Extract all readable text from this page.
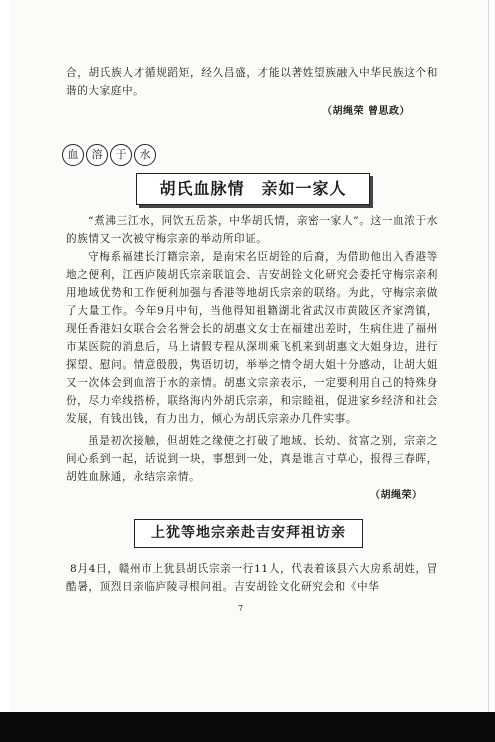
合，胡氏族人才循规蹈矩，经久昌盛，才能以著姓望族融入中华民族这个和谐的大家庭中。

（胡绳荣 曾思政）
血	溶	于	水
胡氏血脉情　亲如一家人

“煮沸三江水，同饮五岳茶，中华胡氏情，亲密一家人”。这一血浓于水的族情又一次被守梅宗亲的举动所印证。

守梅系福建长汀籍宗亲，是南宋名臣胡铨的后裔，为借助他出入香港等地之便利，江西庐陵胡氏宗亲联谊会、吉安胡铨文化研究会委托守梅宗亲利用地域优势和工作便利加强与香港等地胡氏宗亲的联络。为此，守梅宗亲做了大量工作。今年9月中旬，当他得知祖籍湖北省武汉市黄陂区齐家湾镇，现任香港妇女联合会名誉会长的胡惠文女士在福建出差时，生病住进了福州市某医院的消息后，马上请假专程从深圳乘飞机来到胡惠文大姐身边，进行探望、慰问。情意殷殷，隽语切切，举举之情令胡大姐十分感动，让胡大姐又一次体会到血溶于水的亲情。胡惠文宗亲表示，一定要利用自己的特殊身份，尽力牵线搭桥，联络海内外胡氏宗亲，和宗睦祖，促进家乡经济和社会发展，有钱出钱，有力出力，倾心为胡氏宗亲办几件实事。

虽是初次接触，但胡姓之缘使之打破了地域、长幼、贫富之别，宗亲之间心系到一起，话说到一块，事想到一处，真是谁言寸草心，报得三春晖，胡姓血脉通，永结宗亲情。

（胡绳荣）
上犹等地宗亲赴吉安拜祖访亲

8月4日，赣州市上犹县胡氏宗亲一行11人，代表着该县六大房系胡姓，冒酷暑，顶烈日亲临庐陵寻根问祖。吉安胡铨文化研究会和《中华

7
